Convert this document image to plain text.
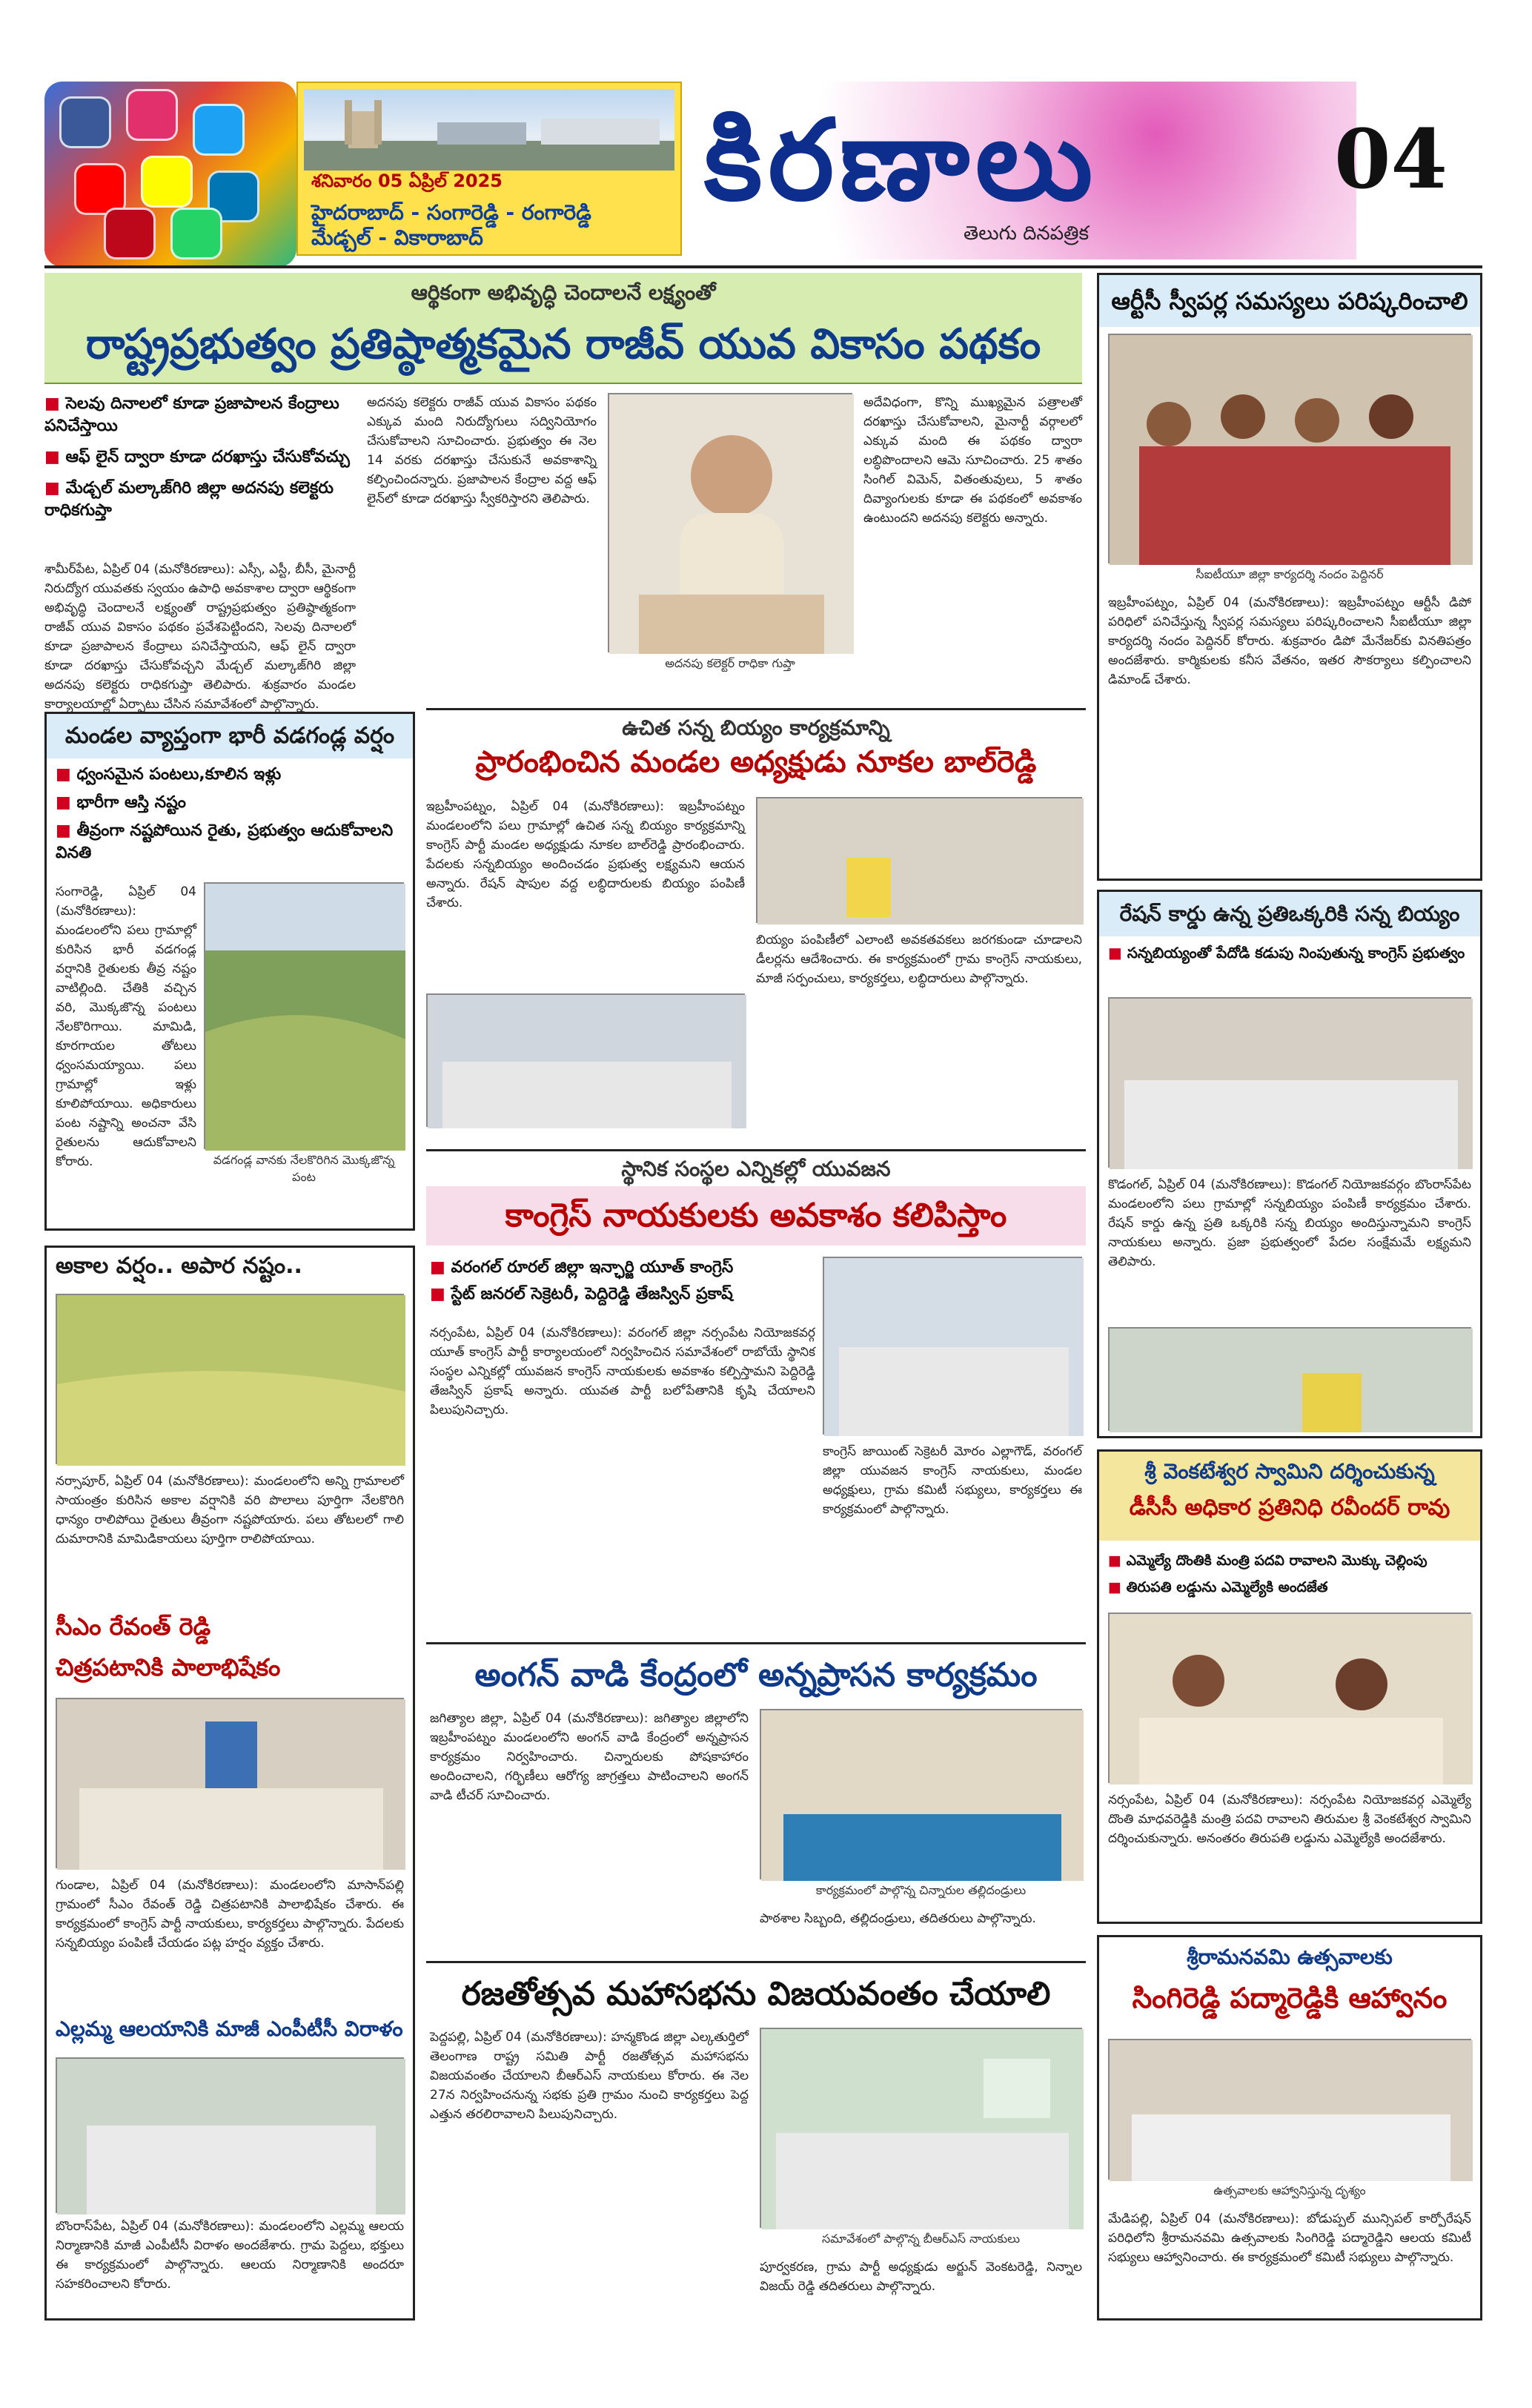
శనివారం 05 ఏప్రిల్ 2025
హైదరాబాద్ - సంగారెడ్డి - రంగారెడ్డి
మేడ్చల్ - వికారాబాద్
కిరణాలు
తెలుగు దినపత్రిక
04
ఆర్థికంగా అభివృద్ధి చెందాలనే లక్ష్యంతో
రాష్ట్రప్రభుత్వం ప్రతిష్ఠాత్మకమైన రాజీవ్ యువ వికాసం పథకం
■ సెలవు దినాలలో కూడా ప్రజాపాలన కేంద్రాలు పనిచేస్తాయి
■ ఆఫ్ లైన్ ద్వారా కూడా దరఖాస్తు చేసుకోవచ్చు
■ మేడ్చల్ మల్కాజ్‌గిరి జిల్లా అదనపు కలెక్టరు రాధికగుప్తా
శామీర్‌పేట, ఏప్రిల్ 04 (మనోకిరణాలు): ఎస్సీ, ఎస్టీ, బీసీ, మైనార్టీ నిరుద్యోగ యువతకు స్వయం ఉపాధి అవకాశాల ద్వారా ఆర్థికంగా అభివృద్ధి చెందాలనే లక్ష్యంతో రాష్ట్రప్రభుత్వం ప్రతిష్ఠాత్మకంగా రాజీవ్ యువ వికాసం పథకం ప్రవేశపెట్టిందని, సెలవు దినాలలో కూడా ప్రజాపాలన కేంద్రాలు పనిచేస్తాయని, ఆఫ్ లైన్ ద్వారా కూడా దరఖాస్తు చేసుకోవచ్చని మేడ్చల్ మల్కాజ్‌గిరి జిల్లా అదనపు కలెక్టరు రాధికగుప్తా తెలిపారు. శుక్రవారం మండల కార్యాలయాల్లో ఏర్పాటు చేసిన సమావేశంలో పాల్గొన్నారు.
అదనపు కలెక్టరు రాజీవ్ యువ వికాసం పథకం ఎక్కువ మంది నిరుద్యోగులు సద్వినియోగం చేసుకోవాలని సూచించారు. ప్రభుత్వం ఈ నెల 14 వరకు దరఖాస్తు చేసుకునే అవకాశాన్ని కల్పించిందన్నారు. ప్రజాపాలన కేంద్రాల వద్ద ఆఫ్ లైన్‌లో కూడా దరఖాస్తు స్వీకరిస్తారని తెలిపారు.
అదనపు కలెక్టర్ రాధికా గుప్తా
అదేవిధంగా, కొన్ని ముఖ్యమైన పత్రాలతో దరఖాస్తు చేసుకోవాలని, మైనార్టీ వర్గాలలో ఎక్కువ మంది ఈ పథకం ద్వారా లబ్ధిపొందాలని ఆమె సూచించారు. 25 శాతం సింగిల్ విమెన్, వితంతువులు, 5 శాతం దివ్యాంగులకు కూడా ఈ పథకంలో అవకాశం ఉంటుందని అదనపు కలెక్టరు అన్నారు.
ఆర్టీసీ స్వీపర్ల సమస్యలు పరిష్కరించాలి
సీఐటీయూ జిల్లా కార్యదర్శి నందం పెద్దినర్
ఇబ్రహీంపట్నం, ఏప్రిల్ 04 (మనోకిరణాలు): ఇబ్రహీంపట్నం ఆర్టీసీ డిపో పరిధిలో పనిచేస్తున్న స్వీపర్ల సమస్యలు పరిష్కరించాలని సీఐటీయూ జిల్లా కార్యదర్శి నందం పెద్దినర్ కోరారు. శుక్రవారం డిపో మేనేజర్‌కు వినతిపత్రం అందజేశారు. కార్మికులకు కనీస వేతనం, ఇతర సౌకర్యాలు కల్పించాలని డిమాండ్ చేశారు.
మండల వ్యాప్తంగా భారీ వడగండ్ల వర్షం
■ ధ్వంసమైన పంటలు,కూలిన ఇళ్లు
■ భారీగా ఆస్తి నష్టం
■ తీవ్రంగా నష్టపోయిన రైతు, ప్రభుత్వం ఆదుకోవాలని వినతి
సంగారెడ్డి, ఏప్రిల్ 04 (మనోకిరణాలు): మండలంలోని పలు గ్రామాల్లో కురిసిన భారీ వడగండ్ల వర్షానికి రైతులకు తీవ్ర నష్టం వాటిల్లింది. చేతికి వచ్చిన వరి, మొక్కజొన్న పంటలు నేలకొరిగాయి. మామిడి, కూరగాయల తోటలు ధ్వంసమయ్యాయి. పలు గ్రామాల్లో ఇళ్లు కూలిపోయాయి. అధికారులు పంట నష్టాన్ని అంచనా వేసి రైతులను ఆదుకోవాలని కోరారు.	వడగండ్ల వానకు నేలకొరిగిన మొక్కజొన్న పంట
అకాల వర్షం.. అపార నష్టం..
నర్సాపూర్, ఏప్రిల్ 04 (మనోకిరణాలు): మండలంలోని అన్ని గ్రామాలలో సాయంత్రం కురిసిన అకాల వర్షానికి వరి పొలాలు పూర్తిగా నేలకొరిగి ధాన్యం రాలిపోయి రైతులు తీవ్రంగా నష్టపోయారు. పలు తోటలలో గాలి దుమారానికి మామిడికాయలు పూర్తిగా రాలిపోయాయి.
సీఎం రేవంత్ రెడ్డి
చిత్రపటానికి పాలాభిషేకం
గుండాల, ఏప్రిల్ 04 (మనోకిరణాలు): మండలంలోని మాసాన్‌పల్లి గ్రామంలో సీఎం రేవంత్ రెడ్డి చిత్రపటానికి పాలాభిషేకం చేశారు. ఈ కార్యక్రమంలో కాంగ్రెస్ పార్టీ నాయకులు, కార్యకర్తలు పాల్గొన్నారు. పేదలకు సన్నబియ్యం పంపిణీ చేయడం పట్ల హర్షం వ్యక్తం చేశారు.
ఎల్లమ్మ ఆలయానికి మాజీ ఎంపీటీసీ విరాళం
బొంరాస్‌పేట, ఏప్రిల్ 04 (మనోకిరణాలు): మండలంలోని ఎల్లమ్మ ఆలయ నిర్మాణానికి మాజీ ఎంపీటీసీ విరాళం అందజేశారు. గ్రామ పెద్దలు, భక్తులు ఈ కార్యక్రమంలో పాల్గొన్నారు. ఆలయ నిర్మాణానికి అందరూ సహకరించాలని కోరారు.
ఉచిత సన్న బియ్యం కార్యక్రమాన్ని
ప్రారంభించిన మండల అధ్యక్షుడు నూకల బాల్‌రెడ్డి
ఇబ్రహీంపట్నం, ఏప్రిల్ 04 (మనోకిరణాలు): ఇబ్రహీంపట్నం మండలంలోని పలు గ్రామాల్లో ఉచిత సన్న బియ్యం కార్యక్రమాన్ని కాంగ్రెస్ పార్టీ మండల అధ్యక్షుడు నూకల బాల్‌రెడ్డి ప్రారంభించారు. పేదలకు సన్నబియ్యం అందించడం ప్రభుత్వ లక్ష్యమని ఆయన అన్నారు. రేషన్ షాపుల వద్ద లబ్ధిదారులకు బియ్యం పంపిణీ చేశారు.
బియ్యం పంపిణీలో ఎలాంటి అవకతవకలు జరగకుండా చూడాలని డీలర్లను ఆదేశించారు. ఈ కార్యక్రమంలో గ్రామ కాంగ్రెస్ నాయకులు, మాజీ సర్పంచులు, కార్యకర్తలు, లబ్ధిదారులు పాల్గొన్నారు.
స్థానిక సంస్థల ఎన్నికల్లో యువజన
కాంగ్రెస్ నాయకులకు అవకాశం కలిపిస్తాం
■ వరంగల్ రూరల్ జిల్లా ఇన్ఛార్జి యూత్ కాంగ్రెస్
■ స్టేట్ జనరల్ సెక్రెటరీ, పెద్దిరెడ్డి తేజస్విన్ ప్రకాష్
నర్సంపేట, ఏప్రిల్ 04 (మనోకిరణాలు): వరంగల్ జిల్లా నర్సంపేట నియోజకవర్గ యూత్ కాంగ్రెస్ పార్టీ కార్యాలయంలో నిర్వహించిన సమావేశంలో రాబోయే స్థానిక సంస్థల ఎన్నికల్లో యువజన కాంగ్రెస్ నాయకులకు అవకాశం కల్పిస్తామని పెద్దిరెడ్డి తేజస్విన్ ప్రకాష్ అన్నారు. యువత పార్టీ బలోపేతానికి కృషి చేయాలని పిలుపునిచ్చారు.
కాంగ్రెస్ జాయింట్ సెక్రెటరీ మోరం ఎల్లాగౌడ్, వరంగల్ జిల్లా యువజన కాంగ్రెస్ నాయకులు, మండల అధ్యక్షులు, గ్రామ కమిటీ సభ్యులు, కార్యకర్తలు ఈ కార్యక్రమంలో పాల్గొన్నారు.
అంగన్ వాడి కేంద్రంలో అన్నప్రాసన కార్యక్రమం
జగిత్యాల జిల్లా, ఏప్రిల్ 04 (మనోకిరణాలు): జగిత్యాల జిల్లాలోని ఇబ్రహీంపట్నం మండలంలోని అంగన్ వాడి కేంద్రంలో అన్నప్రాసన కార్యక్రమం నిర్వహించారు. చిన్నారులకు పోషకాహారం అందించాలని, గర్భిణీలు ఆరోగ్య జాగ్రత్తలు పాటించాలని అంగన్ వాడి టీచర్ సూచించారు.
కార్యక్రమంలో పాల్గొన్న చిన్నారుల తల్లిదండ్రులు
పాఠశాల సిబ్బంది, తల్లిదండ్రులు, తదితరులు పాల్గొన్నారు.
రజతోత్సవ మహాసభను విజయవంతం చేయాలి
పెద్దపల్లి, ఏప్రిల్ 04 (మనోకిరణాలు): హన్మకొండ జిల్లా ఎల్కతుర్తిలో తెలంగాణ రాష్ట్ర సమితి పార్టీ రజతోత్సవ మహాసభను విజయవంతం చేయాలని బీఆర్ఎస్ నాయకులు కోరారు. ఈ నెల 27న నిర్వహించనున్న సభకు ప్రతి గ్రామం నుంచి కార్యకర్తలు పెద్ద ఎత్తున తరలిరావాలని పిలుపునిచ్చారు.
సమావేశంలో పాల్గొన్న బీఆర్ఎస్ నాయకులు
పూర్వకరణ, గ్రామ పార్టీ అధ్యక్షుడు అర్జున్ వెంకటరెడ్డి, నిన్నాల విజయ్ రెడ్డి తదితరులు పాల్గొన్నారు.
రేషన్ కార్డు ఉన్న ప్రతిఒక్కరికి సన్న బియ్యం
■ సన్నబియ్యంతో పేదోడి కడుపు నింపుతున్న కాంగ్రెస్ ప్రభుత్వం
కొడంగల్, ఏప్రిల్ 04 (మనోకిరణాలు): కొడంగల్ నియోజకవర్గం బొంరాస్‌పేట మండలంలోని పలు గ్రామాల్లో సన్నబియ్యం పంపిణీ కార్యక్రమం చేశారు. రేషన్ కార్డు ఉన్న ప్రతి ఒక్కరికి సన్న బియ్యం అందిస్తున్నామని కాంగ్రెస్ నాయకులు అన్నారు. ప్రజా ప్రభుత్వంలో పేదల సంక్షేమమే లక్ష్యమని తెలిపారు.
శ్రీ వెంకటేశ్వర స్వామిని దర్శించుకున్న
డీసీసీ అధికార ప్రతినిధి రవీందర్ రావు
■ ఎమ్మెల్యే దొంతికి మంత్రి పదవి రావాలని మొక్కు చెల్లింపు
■ తిరుపతి లడ్డును ఎమ్మెల్యేకి అందజేత
నర్సంపేట, ఏప్రిల్ 04 (మనోకిరణాలు): నర్సంపేట నియోజకవర్గ ఎమ్మెల్యే దొంతి మాధవరెడ్డికి మంత్రి పదవి రావాలని తిరుమల శ్రీ వెంకటేశ్వర స్వామిని దర్శించుకున్నారు. అనంతరం తిరుపతి లడ్డును ఎమ్మెల్యేకి అందజేశారు.
శ్రీరామనవమి ఉత్సవాలకు
సింగిరెడ్డి పద్మారెడ్డికి ఆహ్వానం
ఉత్సవాలకు ఆహ్వానిస్తున్న దృశ్యం
మేడిపల్లి, ఏప్రిల్ 04 (మనోకిరణాలు): బోడుప్పల్ మున్సిపల్ కార్పోరేషన్ పరిధిలోని శ్రీరామనవమి ఉత్సవాలకు సింగిరెడ్డి పద్మారెడ్డిని ఆలయ కమిటీ సభ్యులు ఆహ్వానించారు. ఈ కార్యక్రమంలో కమిటీ సభ్యులు పాల్గొన్నారు.
